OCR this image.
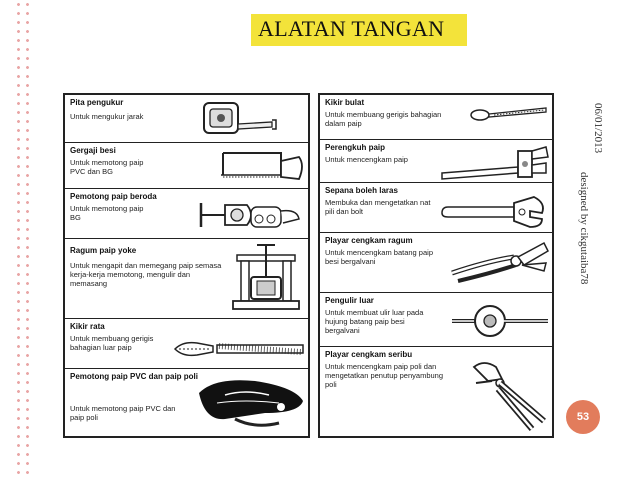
ALATAN TANGAN
06/01/2013
designed by cikgutaiba78
53
Pita pengukur
Untuk mengukur jarak
Gergaji besi
Untuk memotong paip PVC dan BG
Pemotong paip beroda
Untuk memotong paip BG
Ragum paip yoke
Untuk mengapit dan memegang paip semasa kerja-kerja memotong, mengulir dan memasang
Kikir rata
Untuk membuang gerigis bahagian luar paip
Pemotong paip PVC dan paip poli
Untuk memotong paip PVC dan paip poli
Kikir bulat
Untuk membuang gerigis bahagian dalam paip
Perengkuh paip
Untuk mencengkam paip
Sepana boleh laras
Membuka dan mengetatkan nat pili dan bolt
Playar cengkam ragum
Untuk mencengkam batang paip besi bergalvani
Pengulir luar
Untuk membuat ulir luar pada hujung batang paip besi bergalvani
Playar cengkam seribu
Untuk mencengkam paip poli dan mengetatkan penutup penyambung poli
